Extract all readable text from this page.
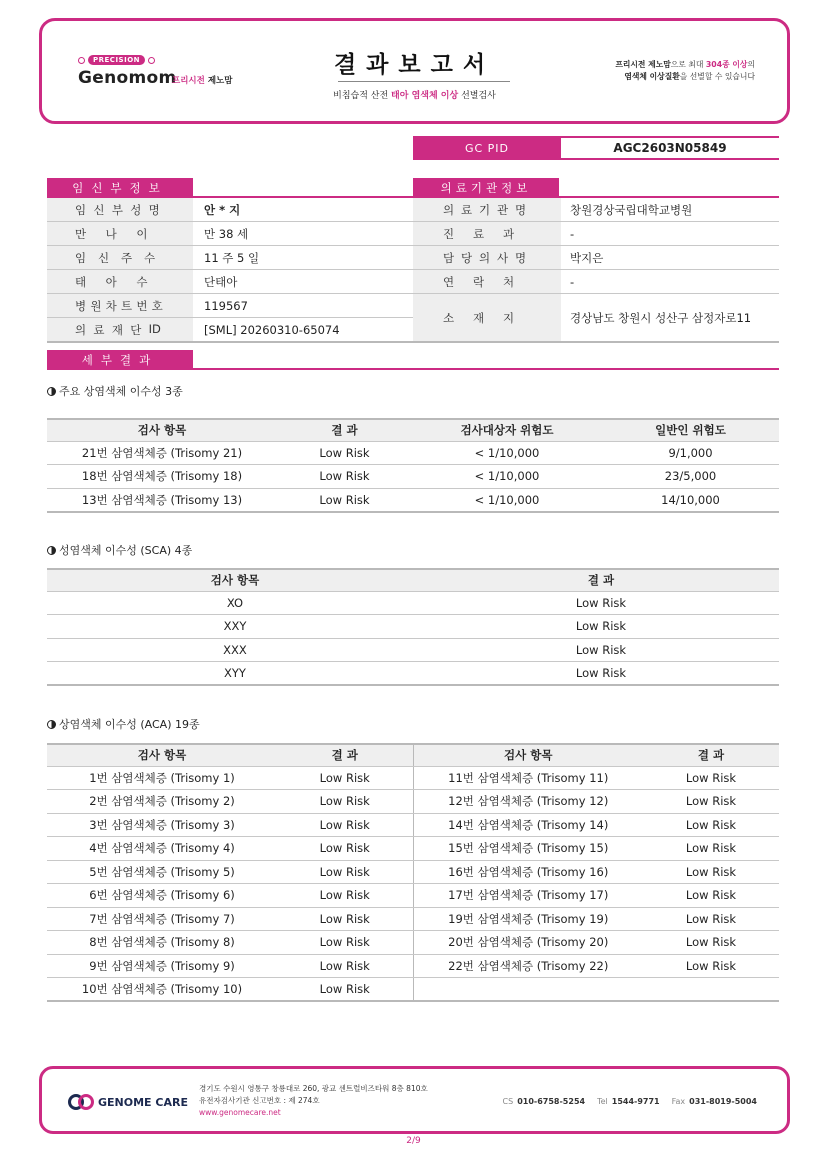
PRECISION
Genomom
프리시전 제노맘
결과보고서
비침습적 산전 태아 염색체 이상 선별검사
프리시전 제노맘으로 최대 304종 이상의
염색체 이상질환을 선별할 수 있습니다
GC PID	AGC2603N05849
임신부정보	의료기관정보
임 신 부 성 명	안 * 지
만	나	이	만 38 세
임	신	주	수	11 주 5 일
태	아	수	단태아
병 원 차 트 번 호	119567
의 료 재 단 ID	[SML] 20260310-65074
의 료 기 관 명	창원경상국립대학교병원
진	료	과	-
담 당 의 사 명	박지은
연	락	처	-
소	재	지	경상남도 창원시 성산구 삼정자로11
세부결과
주요 상염색체 이수성 3종
검사 항목	결 과	검사대상자 위험도	일반인 위험도
21번 삼염색체증 (Trisomy 21)	Low Risk	< 1/10,000	9/1,000
18번 삼염색체증 (Trisomy 18)	Low Risk	< 1/10,000	23/5,000
13번 삼염색체증 (Trisomy 13)	Low Risk	< 1/10,000	14/10,000
성염색체 이수성 (SCA) 4종
검사 항목	결 과
XO	Low Risk
XXY	Low Risk
XXX	Low Risk
XYY	Low Risk
상염색체 이수성 (ACA) 19종
검사 항목	결 과	검사 항목	결 과
1번 삼염색체증 (Trisomy 1)	Low Risk	11번 삼염색체증 (Trisomy 11)	Low Risk
2번 삼염색체증 (Trisomy 2)	Low Risk	12번 삼염색체증 (Trisomy 12)	Low Risk
3번 삼염색체증 (Trisomy 3)	Low Risk	14번 삼염색체증 (Trisomy 14)	Low Risk
4번 삼염색체증 (Trisomy 4)	Low Risk	15번 삼염색체증 (Trisomy 15)	Low Risk
5번 삼염색체증 (Trisomy 5)	Low Risk	16번 삼염색체증 (Trisomy 16)	Low Risk
6번 삼염색체증 (Trisomy 6)	Low Risk	17번 삼염색체증 (Trisomy 17)	Low Risk
7번 삼염색체증 (Trisomy 7)	Low Risk	19번 삼염색체증 (Trisomy 19)	Low Risk
8번 삼염색체증 (Trisomy 8)	Low Risk	20번 삼염색체증 (Trisomy 20)	Low Risk
9번 삼염색체증 (Trisomy 9)	Low Risk	22번 삼염색체증 (Trisomy 22)	Low Risk
10번 삼염색체증 (Trisomy 10)	Low Risk		
GENOME CARE
경기도 수원시 영통구 창룡대로 260, 광교 센트럴비즈타워 8층 810호
유전자검사기관 신고번호 : 제 274호
www.genomecare.net
CS 010-6758-5254 Tel 1544-9771 Fax 031-8019-5004
2/9
